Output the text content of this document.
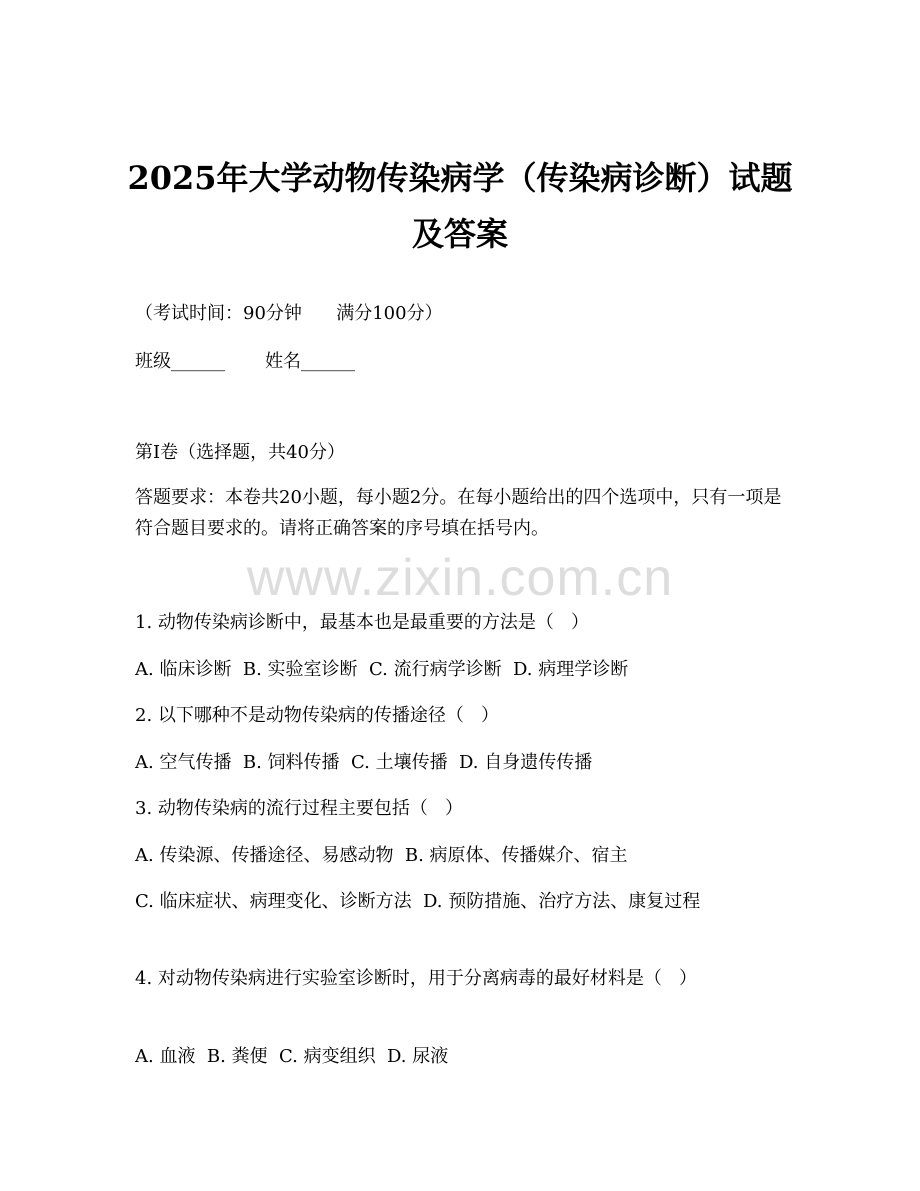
2025年大学动物传染病学（传染病诊断）试题及答案
（考试时间：90分钟      满分100分）
班级______       姓名______
第I卷（选择题，共40分）
答题要求：本卷共20小题，每小题2分。在每小题给出的四个选项中，只有一项是符合题目要求的。请将正确答案的序号填在括号内。
www.zixin.com.cn
1. 动物传染病诊断中，最基本也是最重要的方法是（   ）
A. 临床诊断  B. 实验室诊断  C. 流行病学诊断  D. 病理学诊断
2. 以下哪种不是动物传染病的传播途径（   ）
A. 空气传播  B. 饲料传播  C. 土壤传播  D. 自身遗传传播
3. 动物传染病的流行过程主要包括（   ）
A. 传染源、传播途径、易感动物  B. 病原体、传播媒介、宿主
C. 临床症状、病理变化、诊断方法  D. 预防措施、治疗方法、康复过程
4. 对动物传染病进行实验室诊断时，用于分离病毒的最好材料是（   ）
A. 血液  B. 粪便  C. 病变组织  D. 尿液
